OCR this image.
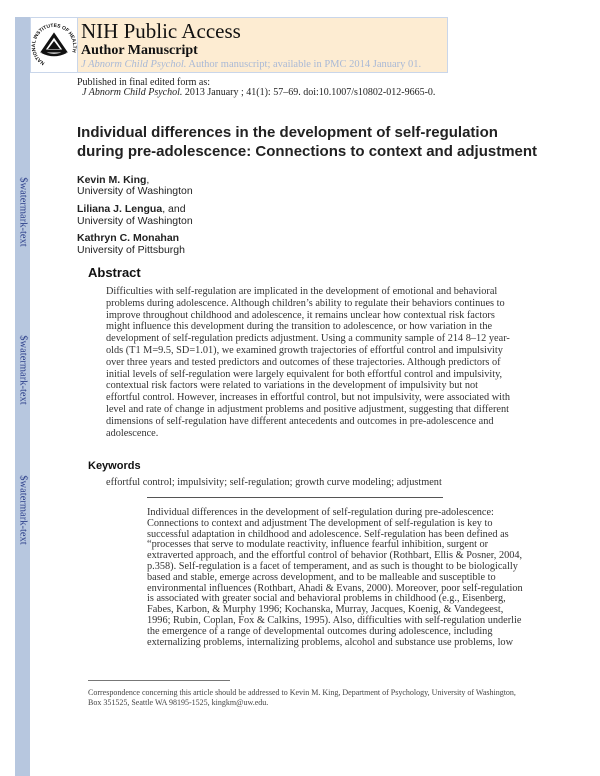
$watermark-text
$watermark-text
$watermark-text
NATIONAL INSTITUTES OF HEALTH
NIH Public Access
Author Manuscript
J Abnorm Child Psychol. Author manuscript; available in PMC 2014 January 01.
Published in final edited form as:
J Abnorm Child Psychol. 2013 January ; 41(1): 57–69. doi:10.1007/s10802-012-9665-0.
Individual differences in the development of self-regulation
during pre-adolescence: Connections to context and adjustment
Kevin M. King,
University of Washington
Liliana J. Lengua, and
University of Washington
Kathryn C. Monahan
University of Pittsburgh
Abstract
Difficulties with self-regulation are implicated in the development of emotional and behavioral
problems during adolescence. Although children’s ability to regulate their behaviors continues to
improve throughout childhood and adolescence, it remains unclear how contextual risk factors
might influence this development during the transition to adolescence, or how variation in the
development of self-regulation predicts adjustment. Using a community sample of 214 8–12 year-
olds (T1 M=9.5, SD=1.01), we examined growth trajectories of effortful control and impulsivity
over three years and tested predictors and outcomes of these trajectories. Although predictors of
initial levels of self-regulation were largely equivalent for both effortful control and impulsivity,
contextual risk factors were related to variations in the development of impulsivity but not
effortful control. However, increases in effortful control, but not impulsivity, were associated with
level and rate of change in adjustment problems and positive adjustment, suggesting that different
dimensions of self-regulation have different antecedents and outcomes in pre-adolescence and
adolescence.
Keywords
effortful control; impulsivity; self-regulation; growth curve modeling; adjustment
Individual differences in the development of self-regulation during pre-adolescence:
Connections to context and adjustment The development of self-regulation is key to
successful adaptation in childhood and adolescence. Self-regulation has been defined as
“processes that serve to modulate reactivity, influence fearful inhibition, surgent or
extraverted approach, and the effortful control of behavior (Rothbart, Ellis & Posner, 2004,
p.358). Self-regulation is a facet of temperament, and as such is thought to be biologically
based and stable, emerge across development, and to be malleable and susceptible to
environmental influences (Rothbart, Ahadi & Evans, 2000). Moreover, poor self-regulation
is associated with greater social and behavioral problems in childhood (e.g., Eisenberg,
Fabes, Karbon, & Murphy 1996; Kochanska, Murray, Jacques, Koenig, & Vandegeest,
1996; Rubin, Coplan, Fox & Calkins, 1995). Also, difficulties with self-regulation underlie
the emergence of a range of developmental outcomes during adolescence, including
externalizing problems, internalizing problems, alcohol and substance use problems, low
Correspondence concerning this article should be addressed to Kevin M. King, Department of Psychology, University of Washington,
Box 351525, Seattle WA 98195-1525, kingkm@uw.edu.
